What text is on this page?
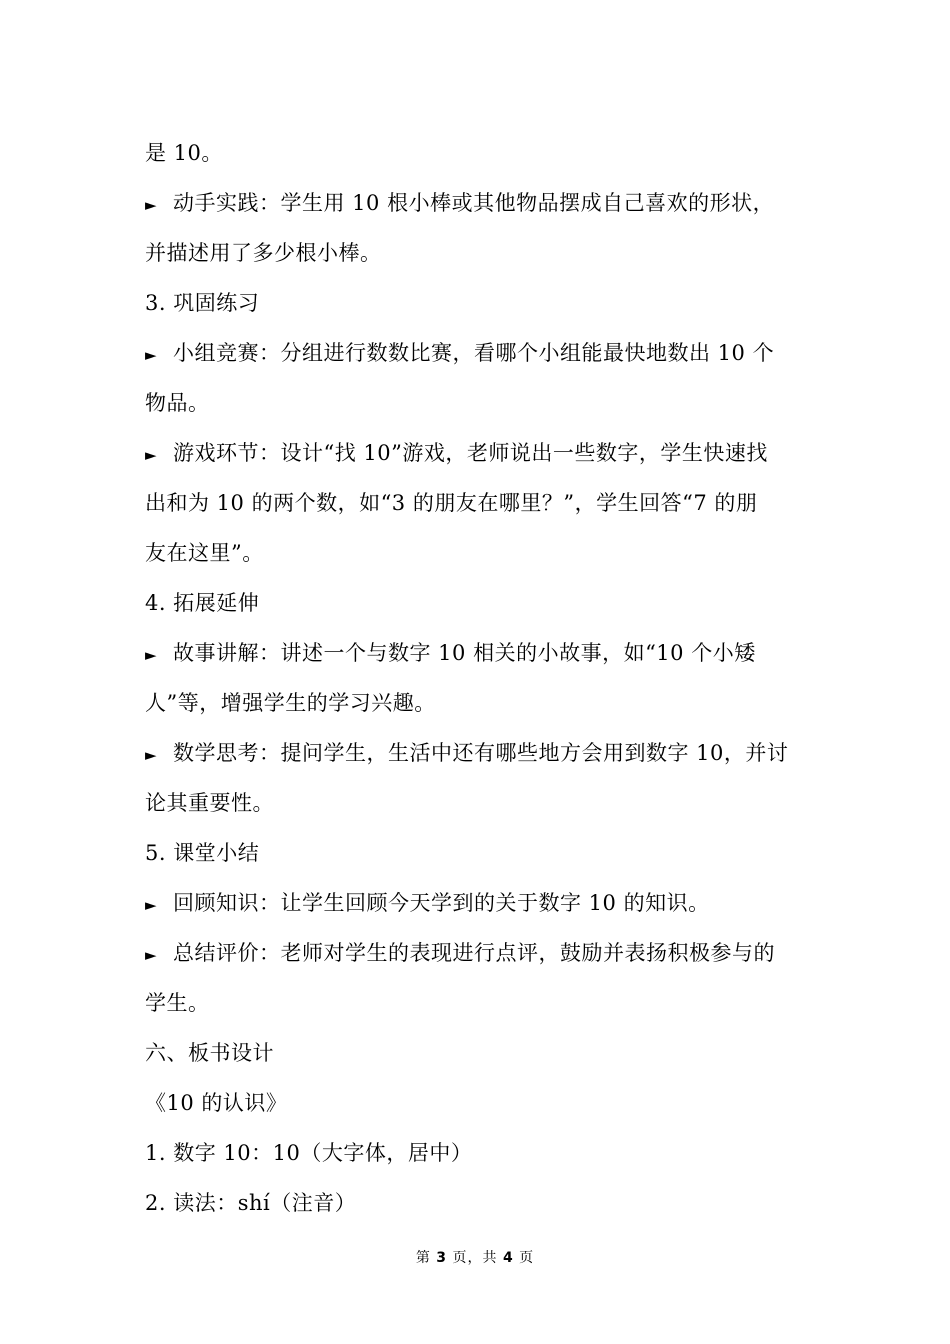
是 10。
► 动手实践：学生用 10 根小棒或其他物品摆成自己喜欢的形状，
并描述用了多少根小棒。
3. 巩固练习
► 小组竞赛：分组进行数数比赛，看哪个小组能最快地数出 10 个
物品。
► 游戏环节：设计“找 10”游戏，老师说出一些数字，学生快速找
出和为 10 的两个数，如“3 的朋友在哪里？”，学生回答“7 的朋
友在这里”。
4. 拓展延伸
► 故事讲解：讲述一个与数字 10 相关的小故事，如“10 个小矮
人”等，增强学生的学习兴趣。
► 数学思考：提问学生，生活中还有哪些地方会用到数字 10，并讨
论其重要性。
5. 课堂小结
► 回顾知识：让学生回顾今天学到的关于数字 10 的知识。
► 总结评价：老师对学生的表现进行点评，鼓励并表扬积极参与的
学生。
六、板书设计
《10 的认识》
1. 数字 10：10（大字体，居中）
2. 读法：shí（注音）
第 3 页，共 4 页
